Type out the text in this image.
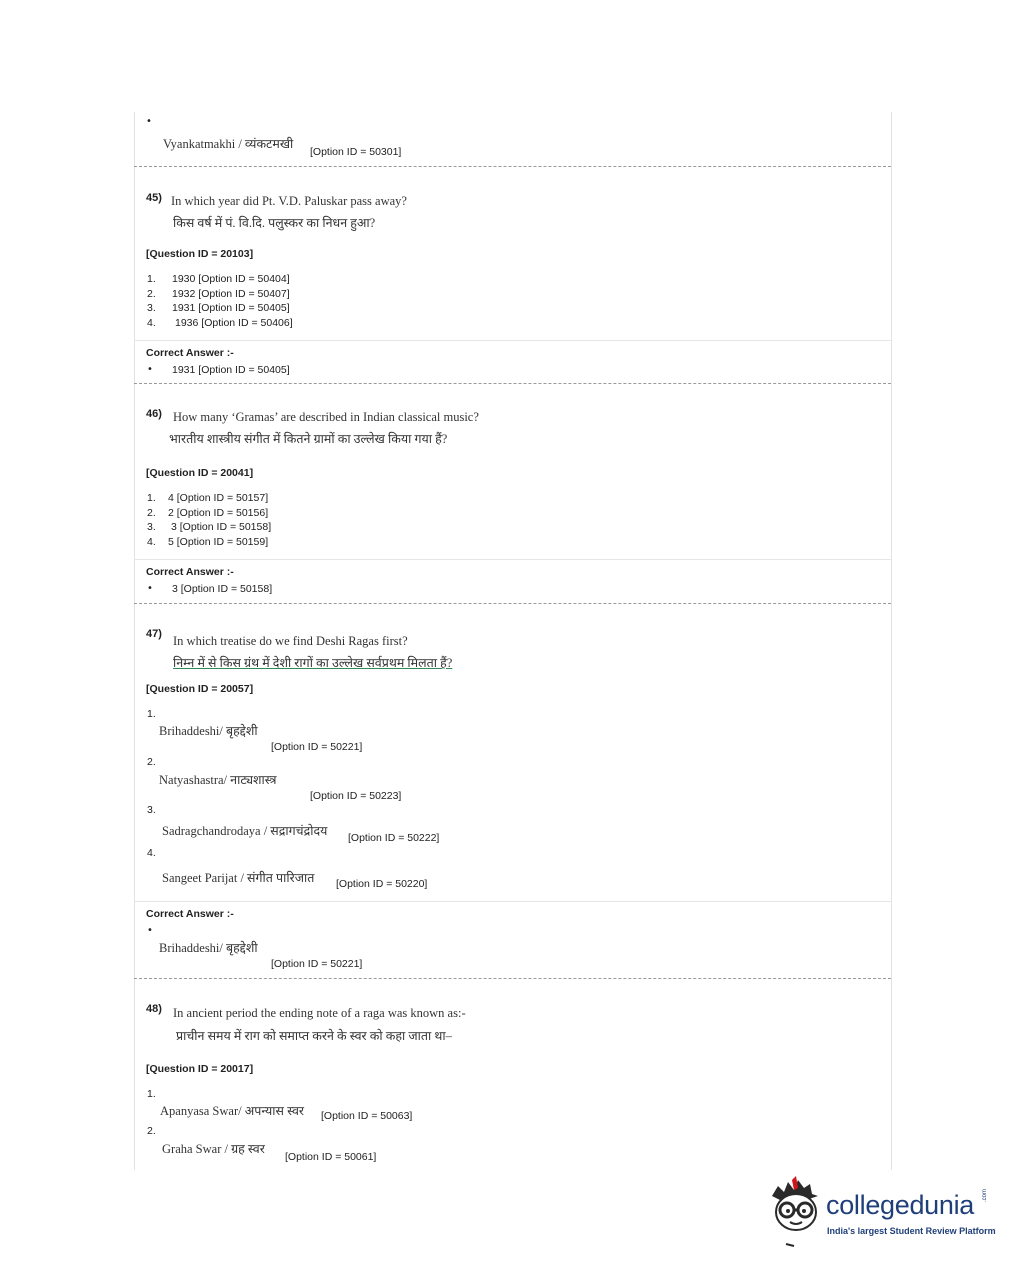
•
Vyankatmakhi / व्यंकटमखी
[Option ID = 50301]
45) In which year did Pt. V.D. Paluskar pass away?
किस वर्ष में पं. वि.दि. पलुस्कर का निधन हुआ?
[Question ID = 20103]
1. 1930 [Option ID = 50404]
2. 1932 [Option ID = 50407]
3. 1931 [Option ID = 50405]
4. 1936 [Option ID = 50406]
Correct Answer :-
• 1931 [Option ID = 50405]
46) How many ‘Gramas’ are described in Indian classical music?
भारतीय शास्त्रीय संगीत में कितने ग्रामों का उल्लेख किया गया हैं?
[Question ID = 20041]
1. 4 [Option ID = 50157]
2. 2 [Option ID = 50156]
3. 3 [Option ID = 50158]
4. 5 [Option ID = 50159]
Correct Answer :-
• 3 [Option ID = 50158]
47) In which treatise do we find Deshi Ragas first?
निम्न में से किस ग्रंथ में देशी रागों का उल्लेख सर्वप्रथम मिलता हैं?
[Question ID = 20057]
1.
Brihaddeshi/ बृहद्देशी
[Option ID = 50221]
2.
Natyashastra/ नाट्यशास्त्र
[Option ID = 50223]
3.
Sadragchandrodaya / सद्रागचंद्रोदय [Option ID = 50222]
4.
Sangeet Parijat / संगीत पारिजात [Option ID = 50220]
Correct Answer :-
•
Brihaddeshi/ बृहद्देशी
[Option ID = 50221]
48) In ancient period the ending note of a raga was known as:-
प्राचीन समय में राग को समाप्त करने के स्वर को कहा जाता था–
[Question ID = 20017]
1.
Apanyasa Swar/ अपन्यास स्वर [Option ID = 50063]
2.
Graha Swar / ग्रह स्वर
[Option ID = 50061]
collegedunia .com
India's largest Student Review Platform
